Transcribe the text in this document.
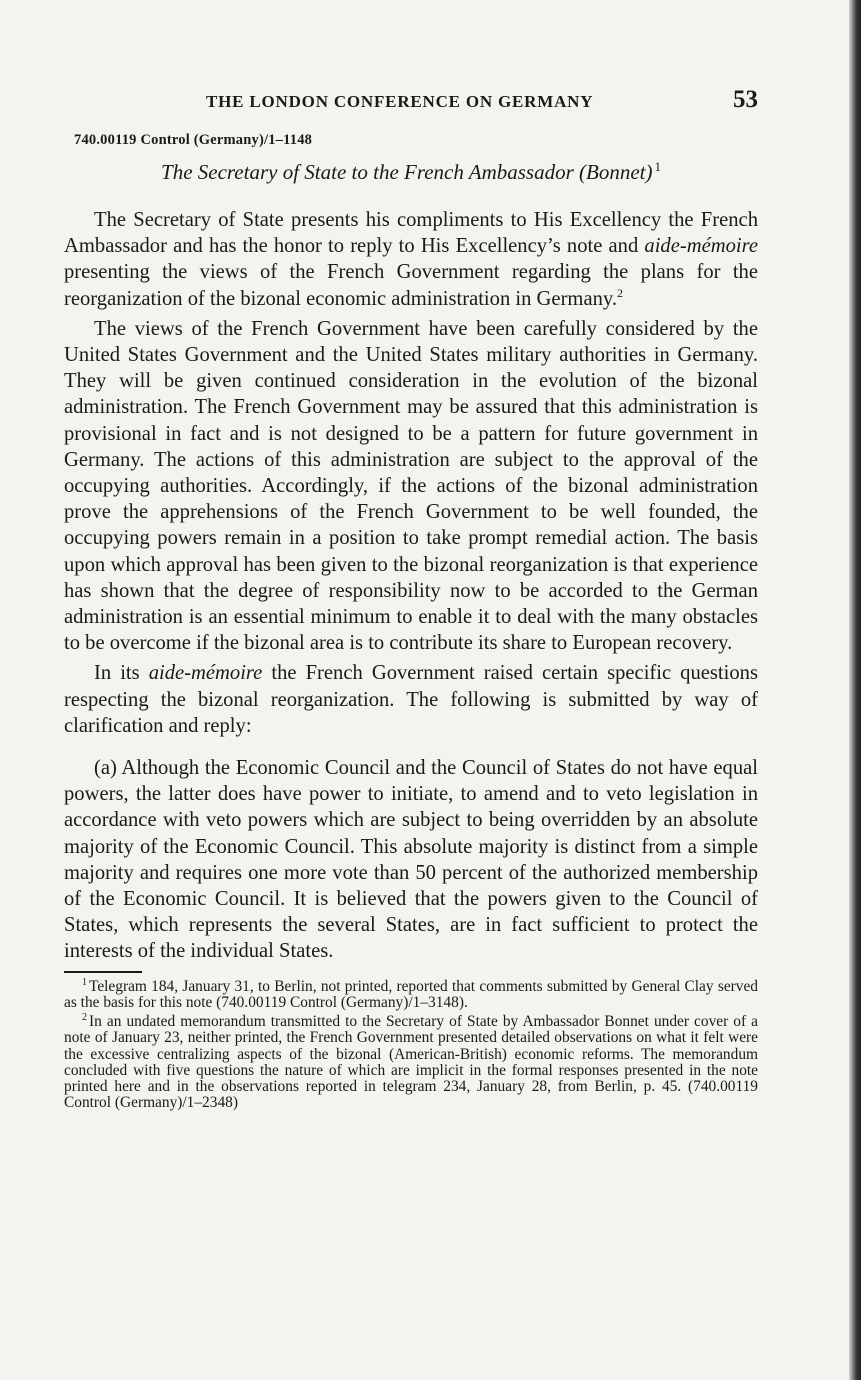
THE LONDON CONFERENCE ON GERMANY	53
740.00119 Control (Germany)/1–1148
The Secretary of State to the French Ambassador (Bonnet) $^1$

The Secretary of State presents his compliments to His Excellency the French Ambassador and has the honor to reply to His Excellency’s note and aide-mémoire presenting the views of the French Government regarding the plans for the reorganization of the bizonal economic administration in Germany.$^2$

The views of the French Government have been carefully considered by the United States Government and the United States military authorities in Germany. They will be given continued consideration in the evolution of the bizonal administration. The French Government may be assured that this administration is provisional in fact and is not designed to be a pattern for future government in Germany. The actions of this administration are subject to the approval of the occupying authorities. Accordingly, if the actions of the bizonal administration prove the apprehensions of the French Government to be well founded, the occupying powers remain in a position to take prompt remedial action. The basis upon which approval has been given to the bizonal reorganization is that experience has shown that the degree of responsibility now to be accorded to the German administration is an essential minimum to enable it to deal with the many obstacles to be overcome if the bizonal area is to contribute its share to European recovery.

In its aide-mémoire the French Government raised certain specific questions respecting the bizonal reorganization. The following is submitted by way of clarification and reply:

(a) Although the Economic Council and the Council of States do not have equal powers, the latter does have power to initiate, to amend and to veto legislation in accordance with veto powers which are subject to being overridden by an absolute majority of the Economic Council. This absolute majority is distinct from a simple majority and requires one more vote than 50 percent of the authorized membership of the Economic Council. It is believed that the powers given to the Council of States, which represents the several States, are in fact sufficient to protect the interests of the individual States.

$^1$ Telegram 184, January 31, to Berlin, not printed, reported that comments submitted by General Clay served as the basis for this note (740.00119 Control (Germany)/1–3148).

$^2$ In an undated memorandum transmitted to the Secretary of State by Ambassador Bonnet under cover of a note of January 23, neither printed, the French Government presented detailed observations on what it felt were the excessive centralizing aspects of the bizonal (American-British) economic reforms. The memorandum concluded with five questions the nature of which are implicit in the formal responses presented in the note printed here and in the observations reported in telegram 234, January 28, from Berlin, p. 45. (740.00119 Control (Germany)/1–2348)
